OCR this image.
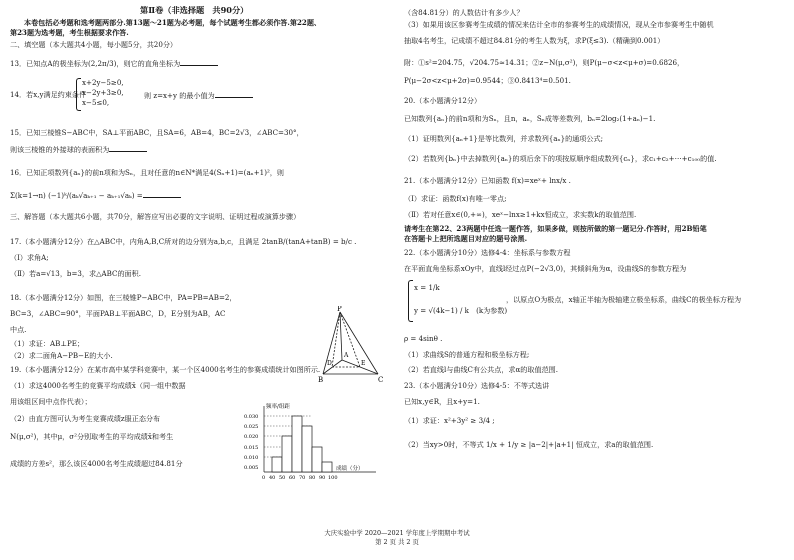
第Ⅱ卷（非选择题　共90分）
本卷包括必考题和选考题两部分.第13题～21题为必考题，每个试题考生都必须作答.第22题、
第23题为选考题，考生根据要求作答.
二、填空题（本大题共4小题，每小题5分，共20分）
13．已知点A的极坐标为(2,2π/3)，则它的直角坐标为
14．若x,y满足约束条件
x+2y−5≥0,
x−2y+3≥0,
x−5≤0,
则 z=x+y 的最小值为
15．已知三棱锥S−ABC中，SA⊥平面ABC，且SA=6，AB=4，BC=2√3，∠ABC=30°，
则该三棱锥的外接球的表面积为
16．已知正项数列{aₙ}的前n项和为Sₙ，且对任意的n∈N*满足4(Sₙ+1)=(aₙ+1)²，则
Σ(k=1→n) (−1)ᵏ/(aₖ√aₖ₊₁ − aₖ₊₁√aₖ) =
三、解答题（本大题共6小题，共70分，解答应写出必要的文字说明、证明过程或演算步骤）
17.（本小题满分12分）在△ABC中，内角A,B,C所对的边分别为a,b,c，且满足 2tanB/(tanA+tanB) = b/c .
（Ⅰ）求角A;
（Ⅱ）若a=√13，b=3，求△ABC的面积.
18.（本小题满分12分）如图，在三棱锥P−ABC中，PA=PB=AB=2，
BC=3，∠ABC=90°，平面PAB⊥平面ABC，D，E分别为AB，AC
中点.
（1）求证：AB⊥PE；
（2）求二面角A−PB−E的大小.
19.（本小题满分12分）在某市高中某学科竞赛中，某一个区4000名考生的参赛成绩统计如图所示.
（1）求这4000名考生的竞赛平均成绩x̄（同一组中数据
用该组区间中点作代表）；
（2）由直方图可认为考生竞赛成绩z服正态分布
N(μ,σ²)，其中μ，σ²分别取考生的平均成绩x̄和考生
成绩的方差s²，那么该区4000名考生成绩超过84.81分
P
A
B	C
D	E
频率/组距
成绩（分）
0.030
0.025
0.020
0.015
0.010
0.005
0 40 50 60 70 80 90 100
（含84.81分）的人数估计有多少人？
（3）如果用该区参赛考生成绩的情况来估计全市的参赛考生的成绩情况，现从全市参赛考生中随机
抽取4名考生，记成绩不超过84.81分的考生人数为ξ，求P(ξ≤3).（精确到0.001）
附：①s²=204.75，√204.75≈14.31；②z~N(μ,σ²)，则P(μ−σ<z<μ+σ)=0.6826，
P(μ−2σ<z<μ+2σ)=0.9544；③0.8413⁴=0.501.
20.（本小题满分12分）
已知数列{aₙ}的前n项和为Sₙ，且n，aₙ，Sₙ成等差数列，bₙ=2log₂(1+aₙ)−1.
（1）证明数列{aₙ+1}是等比数列，并求数列{aₙ}的通项公式;
（2）若数列{bₙ}中去掉数列{aₙ}的项后余下的项按原顺序组成数列{cₙ}，求c₁+c₂+⋯+c₁₀₀的值.
21.（本小题满分12分）已知函数 f(x)=xeˣ+ lnx/x .
（Ⅰ）求证：函数f(x)有唯一零点;
（Ⅱ）若对任意x∈(0,+∞)，xeˣ−lnx≥1+kx恒成立，求实数k的取值范围.
请考生在第22、23两题中任选一题作答，如果多做，则按所做的第一题记分.作答时，用2B铅笔
在答题卡上把所选题目对应的题号涂黑.
22.（本小题满分10分）选修4-4：坐标系与参数方程
在平面直角坐标系xOy中，直线l经过点P(−2√3,0)，其倾斜角为α，设曲线S的参数方程为
x = 1/k
y = √(4k−1) / k　(k为参数)
，以原点O为极点，x轴正半轴为极轴建立极坐标系，曲线C的极坐标方程为
ρ = 4sinθ .
（1）求曲线S的普通方程和极坐标方程;
（2）若直线l与曲线C有公共点，求α的取值范围.
23.（本小题满分10分）选修4-5：不等式选讲
已知x,y∈R，且x+y=1.
（1）求证：x²+3y² ≥ 3/4 ;
（2）当xy>0时，不等式 1/x + 1/y ≥ |a−2|+|a+1| 恒成立，求a的取值范围.
大庆实验中学 2020—2021 学年度上学期期中考试
第 2 页 共 2 页
